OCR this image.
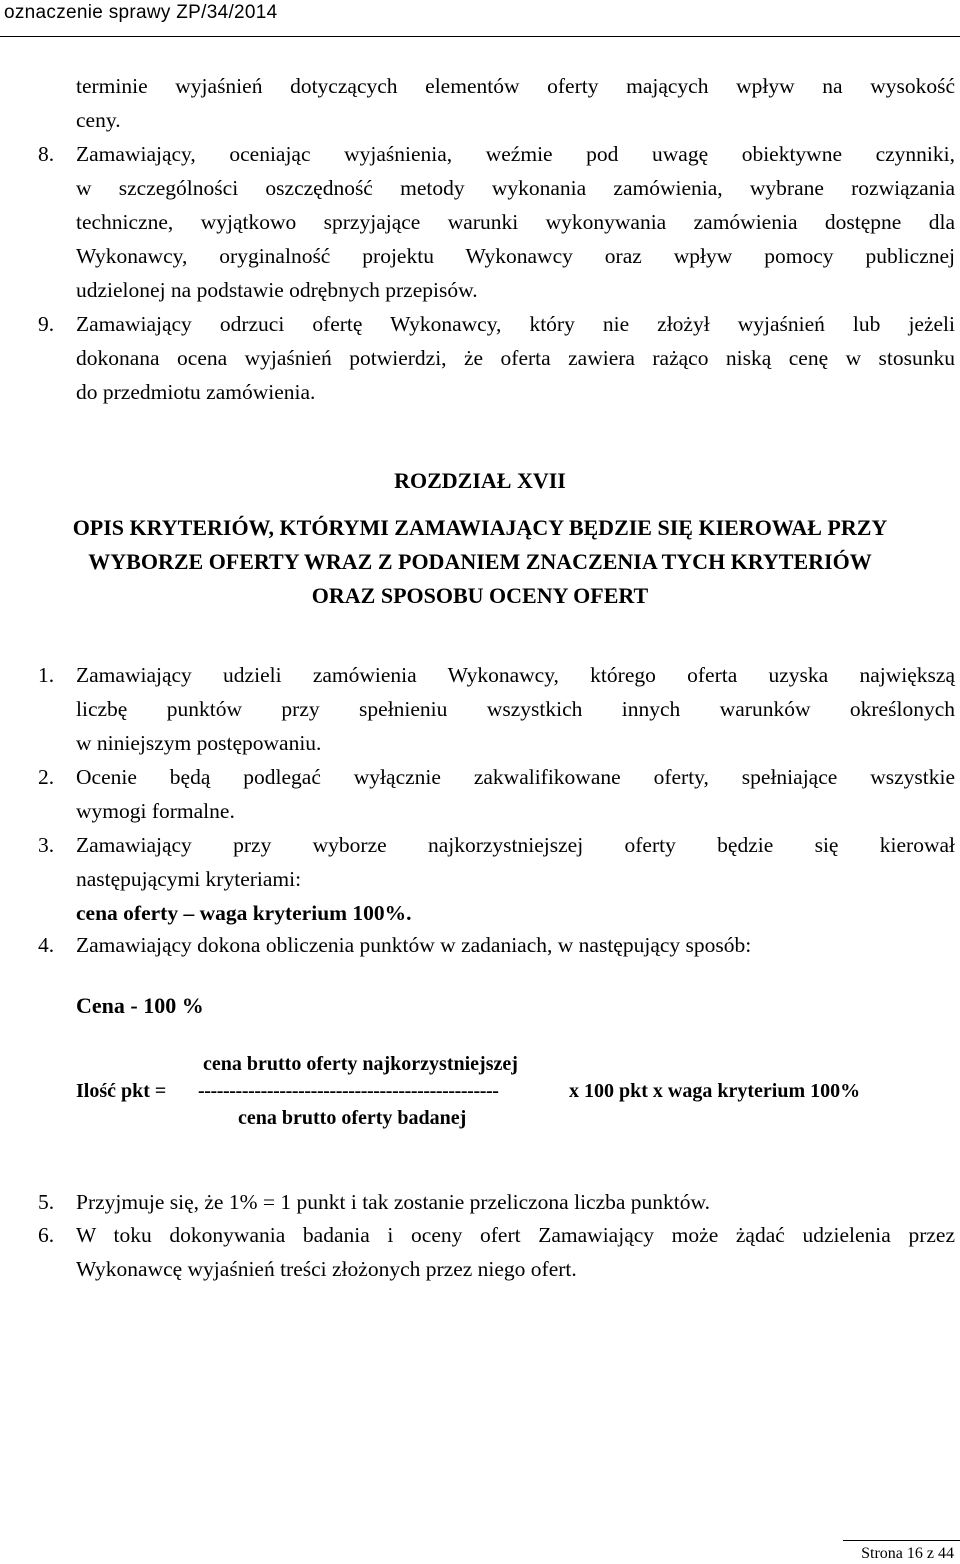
oznaczenie sprawy ZP/34/2014
terminie wyjaśnień dotyczących elementów oferty mających wpływ na wysokość
ceny.
8. Zamawiający, oceniając wyjaśnienia, weźmie pod uwagę obiektywne czynniki,
w szczególności oszczędność metody wykonania zamówienia, wybrane rozwiązania
techniczne, wyjątkowo sprzyjające warunki wykonywania zamówienia dostępne dla
Wykonawcy, oryginalność projektu Wykonawcy oraz wpływ pomocy publicznej
udzielonej na podstawie odrębnych przepisów.
9. Zamawiający odrzuci ofertę Wykonawcy, który nie złożył wyjaśnień lub jeżeli
dokonana ocena wyjaśnień potwierdzi, że oferta zawiera rażąco niską cenę w stosunku
do przedmiotu zamówienia.
ROZDZIAŁ XVII
OPIS KRYTERIÓW, KTÓRYMI ZAMAWIAJĄCY BĘDZIE SIĘ KIEROWAŁ PRZY
WYBORZE OFERTY WRAZ Z PODANIEM ZNACZENIA TYCH KRYTERIÓW
ORAZ SPOSOBU OCENY OFERT
1. Zamawiający udzieli zamówienia Wykonawcy, którego oferta uzyska największą
liczbę punktów przy spełnieniu wszystkich innych warunków określonych
w niniejszym postępowaniu.
2. Ocenie będą podlegać wyłącznie zakwalifikowane oferty, spełniające wszystkie
wymogi formalne.
3. Zamawiający przy wyborze najkorzystniejszej oferty będzie się kierował
następującymi kryteriami:
cena oferty – waga kryterium 100%.
4. Zamawiający dokona obliczenia punktów w zadaniach, w następujący sposób:
Cena - 100 %
cena brutto oferty najkorzystniejszej
Ilość pkt = ------------------------------------------------	x 100 pkt x waga kryterium 100%
cena brutto oferty badanej
5. Przyjmuje się, że 1% = 1 punkt i tak zostanie przeliczona liczba punktów.
6. W toku dokonywania badania i oceny ofert Zamawiający może żądać udzielenia przez
Wykonawcę wyjaśnień treści złożonych przez niego ofert.
Strona 16 z 44
